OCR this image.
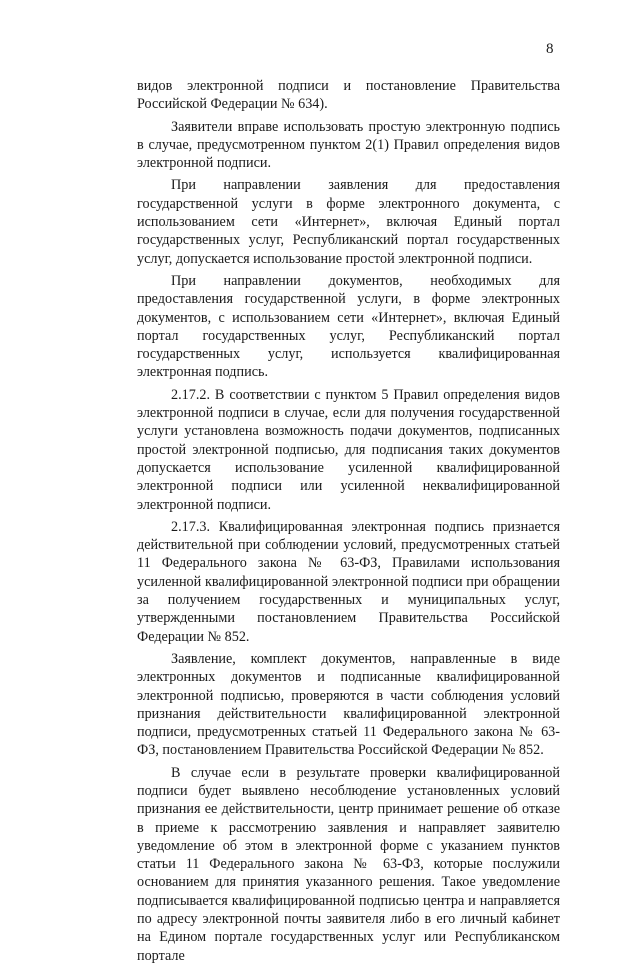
8

видов электронной подписи и постановление Правительства Российской Федерации № 634).

Заявители вправе использовать простую электронную подпись в случае, предусмотренном пунктом 2(1) Правил определения видов электронной подписи.

При направлении заявления для предоставления государственной услуги в форме электронного документа, с использованием сети «Интернет», включая Единый портал государственных услуг, Республиканский портал государственных услуг, допускается использование простой электронной подписи.

При направлении документов, необходимых для предоставления государственной услуги, в форме электронных документов, с использованием сети «Интернет», включая Единый портал государственных услуг, Республиканский портал государственных услуг, используется квалифицированная электронная подпись.

2.17.2. В соответствии с пунктом 5 Правил определения видов электронной подписи в случае, если для получения государственной услуги установлена возможность подачи документов, подписанных простой электронной подписью, для подписания таких документов допускается использование усиленной квалифицированной электронной подписи или усиленной неквалифицированной электронной подписи.

2.17.3. Квалифицированная электронная подпись признается действительной при соблюдении условий, предусмотренных статьей 11 Федерального закона № 63-ФЗ, Правилами использования усиленной квалифицированной электронной подписи при обращении за получением государственных и муниципальных услуг, утвержденными постановлением Правительства Российской Федерации № 852.

Заявление, комплект документов, направленные в виде электронных документов и подписанные квалифицированной электронной подписью, проверяются в части соблюдения условий признания действительности квалифицированной электронной подписи, предусмотренных статьей 11 Федерального закона № 63-ФЗ, постановлением Правительства Российской Федерации № 852.

В случае если в результате проверки квалифицированной подписи будет выявлено несоблюдение установленных условий признания ее действительности, центр принимает решение об отказе в приеме к рассмотрению заявления и направляет заявителю уведомление об этом в электронной форме с указанием пунктов статьи 11 Федерального закона № 63-ФЗ, которые послужили основанием для принятия указанного решения. Такое уведомление подписывается квалифицированной подписью центра и направляется по адресу электронной почты заявителя либо в его личный кабинет на Едином портале государственных услуг или Республиканском портале
